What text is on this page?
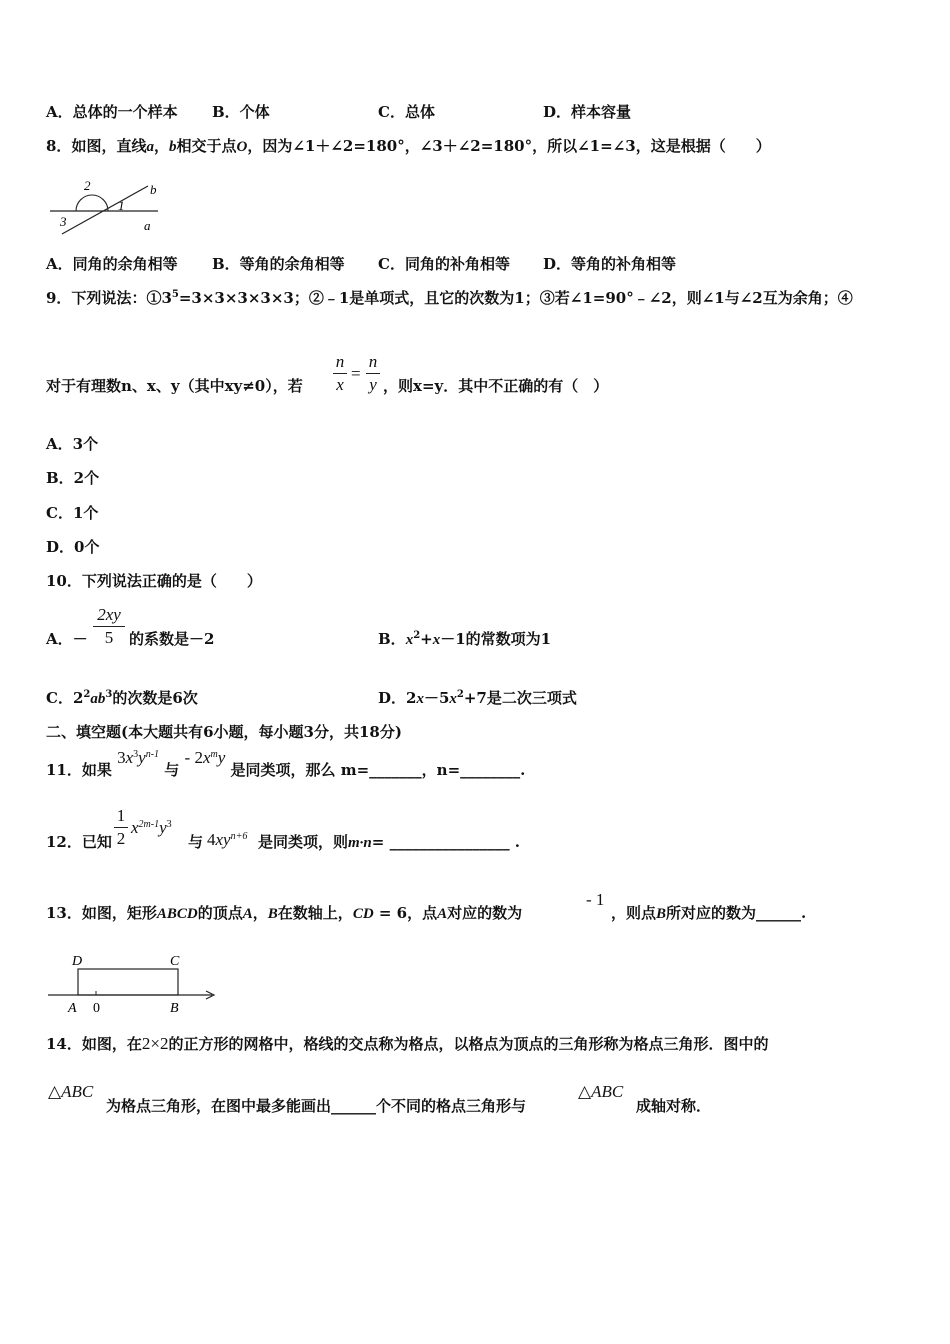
A．总体的一个样本 B．个体	C．总体	D．样本容量
8．如图，直线a，b相交于点O，因为∠1＋∠2=180°，∠3＋∠2=180°，所以∠1=∠3，这是根据（　　）
2	b
1
3	a
A．同角的余角相等 B．等角的余角相等 C．同角的补角相等 D．等角的补角相等
9．下列说法：$①3^5=3\times 3\times 3\times 3\times 3$；②﹣1是单项式，且它的次数为1；③若∠1=90°﹣∠2，则∠1与∠2互为余角；④
对于有理数n、x、y（其中xy≠0），若
n
x
=
n
y ，则x=y．其中不正确的有（　）
A．3个
B．2个
C．1个
D．0个
10．下列说法正确的是（　　）
A．－
2xy
5	的系数是－2	B．$x^2+x-1$的常数项为1
C．$2^2ab^3$的次数是6次	D．$2x-5x^2+7$是二次三项式
二、填空题(本大题共有6小题，每小题3分，共18分)
11．如果 $3x^3y^{n-1}$ 与 - $2x^my$ 是同类项，那么 m=_______，n=________.
12．已知
1
2
$x^{2m-1}y^3$
与 $4xy^{n+6}$ 是同类项，则m·n= ________________ .
13．如图，矩形ABCD的顶点A，B在数轴上，CD = 6，点A对应的数为
- 1
，则点B所对应的数为______.
D	C
A 0	B
14．如图，在2×2的正方形的网格中，格线的交点称为格点，以格点为顶点的三角形称为格点三角形．图中的
△ABC
为格点三角形，在图中最多能画出______个不同的格点三角形与
△ABC
成轴对称．
